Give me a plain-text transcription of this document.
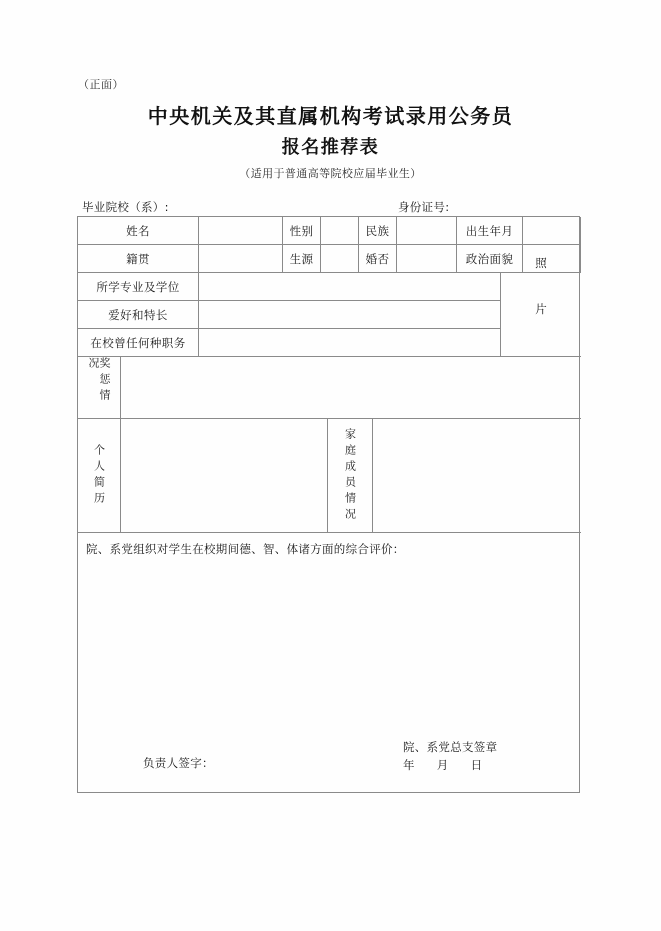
（正面）
中央机关及其直属机构考试录用公务员
报名推荐表
（适用于普通高等院校应届毕业生）
毕业院校（系）:	身份证号:
姓名	性别	民族	出生年月
籍贯	生源	婚否	政治面貌
所学专业及学位
爱好和特长
在校曾任何种职务
照
片
奖惩情况
个人简历	家庭成员情况
院、系党组织对学生在校期间德、智、体诸方面的综合评价：
负责人签字：
院、系党总支签章
年 月 日
